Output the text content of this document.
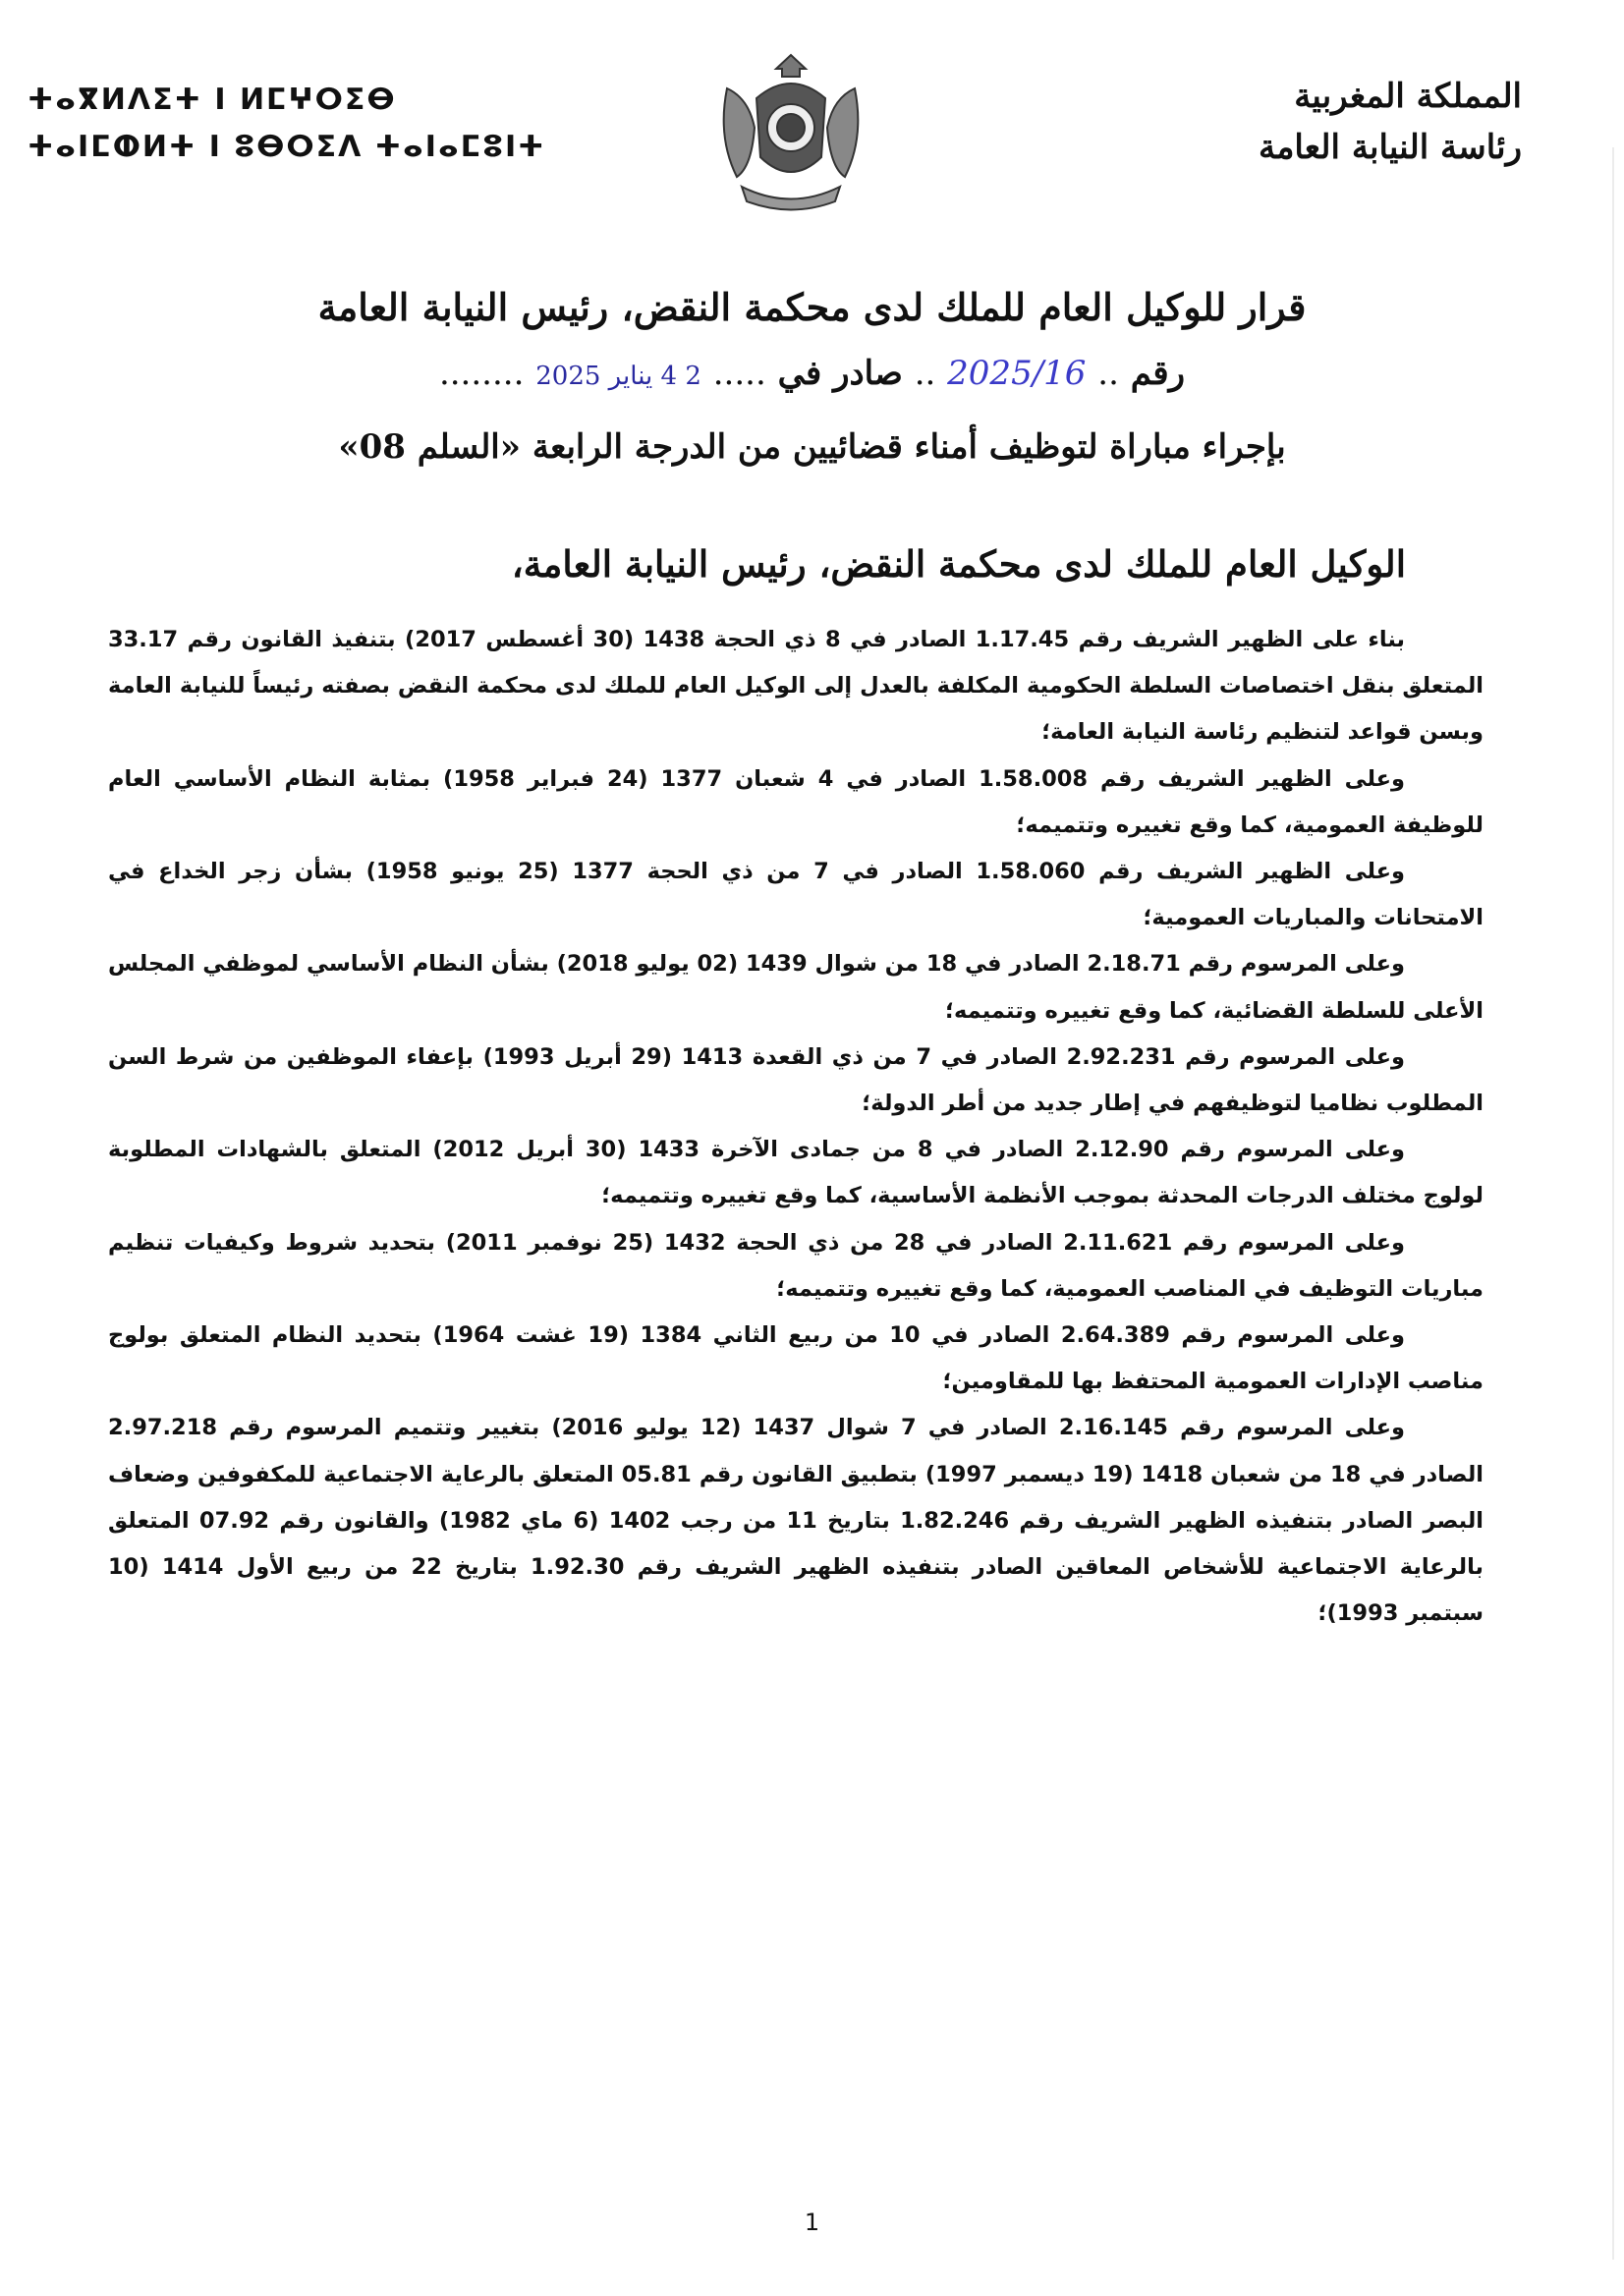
ⵜⴰⴳⵍⴷⵉⵜ ⵏ ⵍⵎⵖⵔⵉⴱ
ⵜⴰⵏⵎⵀⵍⵜ ⵏ ⵓⴱⵔⵉⴷ ⵜⴰⵏⴰⵎⵓⵏⵜ
المملكة المغربية
رئاسة النيابة العامة
قرار للوكيل العام للملك لدى محكمة النقض، رئيس النيابة العامة
رقم .. 2025/16 .. صادر في ..... 2 4 يناير 2025 ........
بإجراء مباراة لتوظيف أمناء قضائيين من الدرجة الرابعة «السلم 08»
الوكيل العام للملك لدى محكمة النقض، رئيس النيابة العامة،

بناء على الظهير الشريف رقم 1.17.45 الصادر في 8 ذي الحجة 1438 (30 أغسطس 2017) بتنفيذ القانون رقم 33.17 المتعلق بنقل اختصاصات السلطة الحكومية المكلفة بالعدل إلى الوكيل العام للملك لدى محكمة النقض بصفته رئيساً للنيابة العامة وبسن قواعد لتنظيم رئاسة النيابة العامة؛

وعلى الظهير الشريف رقم 1.58.008 الصادر في 4 شعبان 1377 (24 فبراير 1958) بمثابة النظام الأساسي العام للوظيفة العمومية، كما وقع تغييره وتتميمه؛

وعلى الظهير الشريف رقم 1.58.060 الصادر في 7 من ذي الحجة 1377 (25 يونيو 1958) بشأن زجر الخداع في الامتحانات والمباريات العمومية؛

وعلى المرسوم رقم 2.18.71 الصادر في 18 من شوال 1439 (02 يوليو 2018) بشأن النظام الأساسي لموظفي المجلس الأعلى للسلطة القضائية، كما وقع تغييره وتتميمه؛

وعلى المرسوم رقم 2.92.231 الصادر في 7 من ذي القعدة 1413 (29 أبريل 1993) بإعفاء الموظفين من شرط السن المطلوب نظاميا لتوظيفهم في إطار جديد من أطر الدولة؛

وعلى المرسوم رقم 2.12.90 الصادر في 8 من جمادى الآخرة 1433 (30 أبريل 2012) المتعلق بالشهادات المطلوبة لولوج مختلف الدرجات المحدثة بموجب الأنظمة الأساسية، كما وقع تغييره وتتميمه؛

وعلى المرسوم رقم 2.11.621 الصادر في 28 من ذي الحجة 1432 (25 نوفمبر 2011) بتحديد شروط وكيفيات تنظيم مباريات التوظيف في المناصب العمومية، كما وقع تغييره وتتميمه؛

وعلى المرسوم رقم 2.64.389 الصادر في 10 من ربيع الثاني 1384 (19 غشت 1964) بتحديد النظام المتعلق بولوج مناصب الإدارات العمومية المحتفظ بها للمقاومين؛

وعلى المرسوم رقم 2.16.145 الصادر في 7 شوال 1437 (12 يوليو 2016) بتغيير وتتميم المرسوم رقم 2.97.218 الصادر في 18 من شعبان 1418 (19 ديسمبر 1997) بتطبيق القانون رقم 05.81 المتعلق بالرعاية الاجتماعية للمكفوفين وضعاف البصر الصادر بتنفيذه الظهير الشريف رقم 1.82.246 بتاريخ 11 من رجب 1402 (6 ماي 1982) والقانون رقم 07.92 المتعلق بالرعاية الاجتماعية للأشخاص المعاقين الصادر بتنفيذه الظهير الشريف رقم 1.92.30 بتاريخ 22 من ربيع الأول 1414 (10 سبتمبر 1993)؛

1
